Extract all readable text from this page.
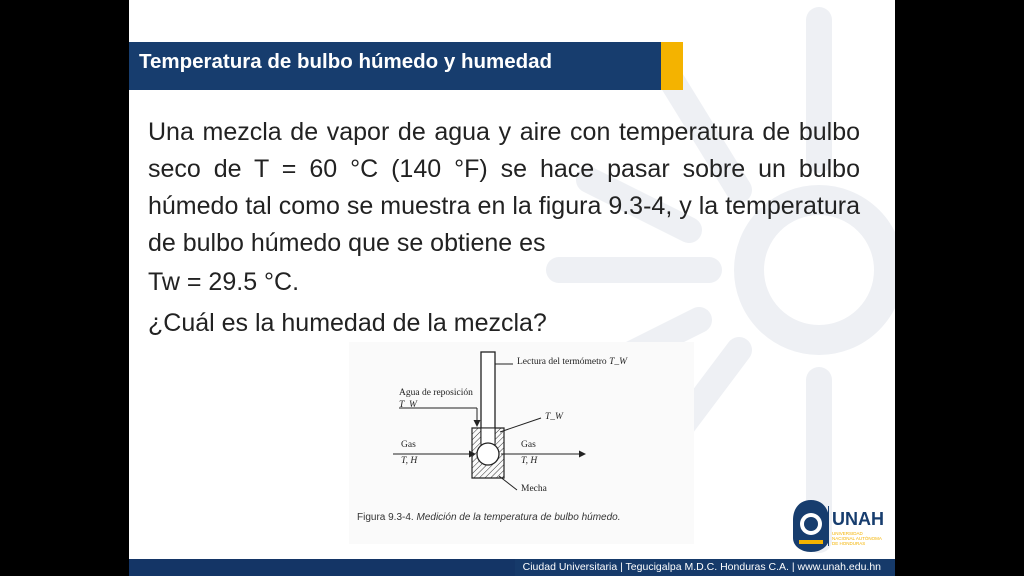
Temperatura de bulbo húmedo y humedad

Una mezcla de vapor de agua y aire con temperatura de bulbo seco de T = 60 °C (140 °F) se hace pasar sobre un bulbo húmedo tal como se muestra en la figura 9.3-4, y la temperatura de bulbo húmedo que se obtiene es

Tw = 29.5 °C.

¿Cuál es la humedad de la mezcla?

Lectura del termómetro T_W
Agua de reposición
T_W
T_W
Gas
T, H
Gas
T, H
Mecha
Figura 9.3-4. Medición de la temperatura de bulbo húmedo.	UNAH
UNIVERSIDAD NACIONAL AUTÓNOMA DE HONDURAS
Ciudad Universitaria | Tegucigalpa M.D.C. Honduras C.A. | www.unah.edu.hn
